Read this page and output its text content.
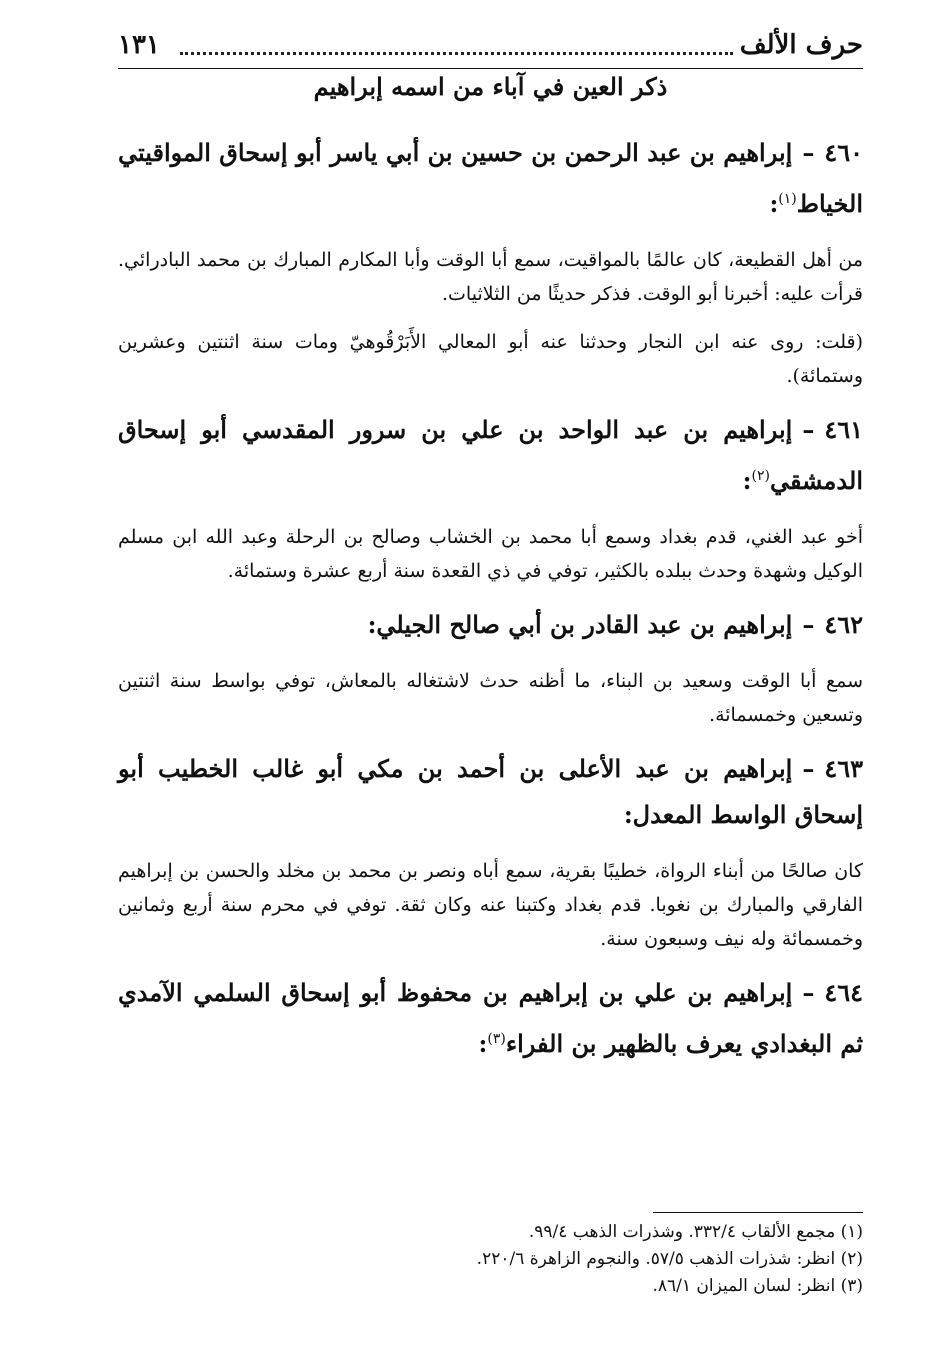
حرف الألف
١٣١
ذكر العين في آباء من اسمه إبراهيم

٤٦٠–إبراهيم بن عبد الرحمن بن حسين بن أبي ياسر أبو إسحاق المواقيتي الخياط$^{(١)}$:

من أهل القطيعة، كان عالمًا بالمواقيت، سمع أبا الوقت وأبا المكارم المبارك بن محمد البادرائي. قرأت عليه: أخبرنا أبو الوقت. فذكر حديثًا من الثلاثيات.

(قلت: روى عنه ابن النجار وحدثنا عنه أبو المعالي الأَبَرْقُوهيّ ومات سنة اثنتين وعشرين وستمائة).

٤٦١–إبراهيم بن عبد الواحد بن علي بن سرور المقدسي أبو إسحاق الدمشقي$^{(٢)}$:

أخو عبد الغني، قدم بغداد وسمع أبا محمد بن الخشاب وصالح بن الرحلة وعبد الله ابن مسلم الوكيل وشهدة وحدث ببلده بالكثير، توفي في ذي القعدة سنة أربع عشرة وستمائة.

٤٦٢–إبراهيم بن عبد القادر بن أبي صالح الجيلي:

سمع أبا الوقت وسعيد بن البناء، ما أظنه حدث لاشتغاله بالمعاش، توفي بواسط سنة اثنتين وتسعين وخمسمائة.

٤٦٣–إبراهيم بن عبد الأعلى بن أحمد بن مكي أبو غالب الخطيب أبو إسحاق الواسط المعدل:

كان صالحًا من أبناء الرواة، خطيبًا بقرية، سمع أباه ونصر بن محمد بن مخلد والحسن بن إبراهيم الفارقي والمبارك بن نغوبا. قدم بغداد وكتبنا عنه وكان ثقة. توفي في محرم سنة أربع وثمانين وخمسمائة وله نيف وسبعون سنة.

٤٦٤–إبراهيم بن علي بن إبراهيم بن محفوظ أبو إسحاق السلمي الآمدي ثم البغدادي يعرف بالظهير بن الفراء$^{(٣)}$:

(١) مجمع الألقاب ٣٣٢/٤. وشذرات الذهب ٩٩/٤.

(٢) انظر: شذرات الذهب ٥٧/٥. والنجوم الزاهرة ٢٢٠/٦.

(٣) انظر: لسان الميزان ٨٦/١.
